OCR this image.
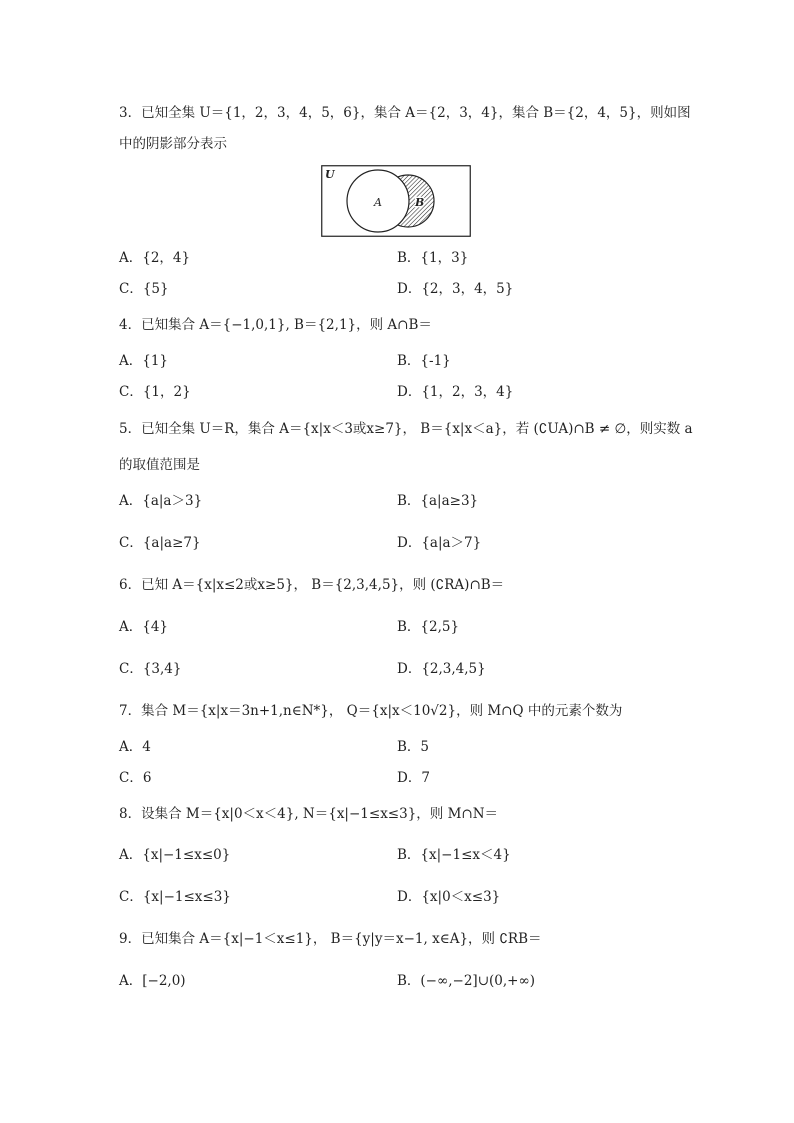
3．已知全集 U＝{1，2，3，4，5，6}，集合 A＝{2，3，4}，集合 B＝{2，4，5}，则如图
中的阴影部分表示
U
A	B
A．{2，4}	B．{1，3}
C．{5}	D．{2，3，4，5}
4．已知集合 A＝{−1,0,1}, B＝{2,1}，则 A∩B＝
A．{1}	B．{-1}
C．{1，2}	D．{1，2，3，4}
5．已知全集 U＝R，集合 A＝{x|x＜3或x≥7}， B＝{x|x＜a}，若 (∁UA)∩B ≠ ∅，则实数 a
的取值范围是
A．{a|a＞3}	B．{a|a≥3}
C．{a|a≥7}	D．{a|a＞7}
6．已知 A＝{x|x≤2或x≥5}， B＝{2,3,4,5}，则 (∁RA)∩B＝
A．{4}	B．{2,5}
C．{3,4}	D．{2,3,4,5}
7．集合 M＝{x|x＝3n+1,n∈N*}， Q＝{x|x＜10√2}，则 M∩Q 中的元素个数为
A．4	B．5
C．6	D．7
8．设集合 M＝{x|0＜x＜4}, N＝{x|−1≤x≤3}，则 M∩N＝
A．{x|−1≤x≤0}	B．{x|−1≤x＜4}
C．{x|−1≤x≤3}	D．{x|0＜x≤3}
9．已知集合 A＝{x|−1＜x≤1}， B＝{y|y＝x−1, x∈A}，则 ∁RB＝
A．[−2,0)	B．(−∞,−2]∪(0,+∞)
